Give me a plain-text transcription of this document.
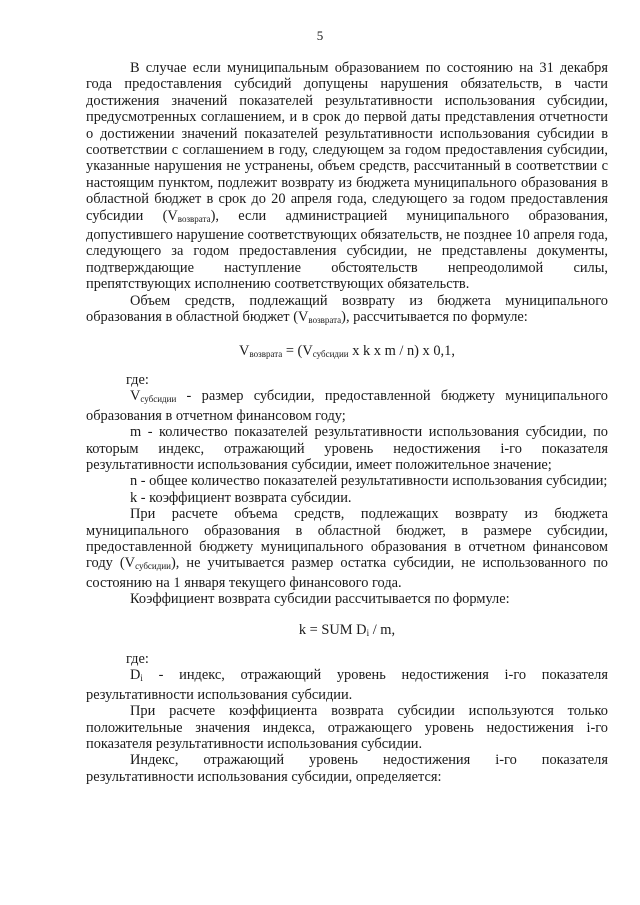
5

В случае если муниципальным образованием по состоянию на 31 декабря года предоставления субсидий допущены нарушения обязательств, в части достижения значений показателей результативности использования субсидии, предусмотренных соглашением, и в срок до первой даты представления отчетности о достижении значений показателей результативности использования субсидии в соответствии с соглашением в году, следующем за годом предоставления субсидии, указанные нарушения не устранены, объем средств, рассчитанный в соответствии с настоящим пунктом, подлежит возврату из бюджета муниципального образования в областной бюджет в срок до 20 апреля года, следующего за годом предоставления субсидии $(V_{возврата})$, если администрацией муниципального образования, допустившего нарушение соответствующих обязательств, не позднее 10 апреля года, следующего за годом предоставления субсидии, не представлены документы, подтверждающие наступление обстоятельств непреодолимой силы, препятствующих исполнению соответствующих обязательств.

Объем средств, подлежащий возврату из бюджета муниципального образования в областной бюджет $(V_{возврата})$, рассчитывается по формуле:

$V_{возврата} = (V_{субсидии}$ x k x m / n) x 0,1,

где:

$V_{субсидии}$ - размер субсидии, предоставленной бюджету муниципального образования в отчетном финансовом году;

m - количество показателей результативности использования субсидии, по которым индекс, отражающий уровень недостижения i-го показателя результативности использования субсидии, имеет положительное значение;

n - общее количество показателей результативности использования субсидии;

k - коэффициент возврата субсидии.

При расчете объема средств, подлежащих возврату из бюджета муниципального образования в областной бюджет, в размере субсидии, предоставленной бюджету муниципального образования в отчетном финансовом году $(V_{субсидии})$, не учитывается размер остатка субсидии, не использованного по состоянию на 1 января текущего финансового года.

Коэффициент возврата субсидии рассчитывается по формуле:

k = SUM $D_i$ / m,

где:

$D_i$ - индекс, отражающий уровень недостижения i-го показателя результативности использования субсидии.

При расчете коэффициента возврата субсидии используются только положительные значения индекса, отражающего уровень недостижения i-го показателя результативности использования субсидии.

Индекс, отражающий уровень недостижения i-го показателя результативности использования субсидии, определяется:
